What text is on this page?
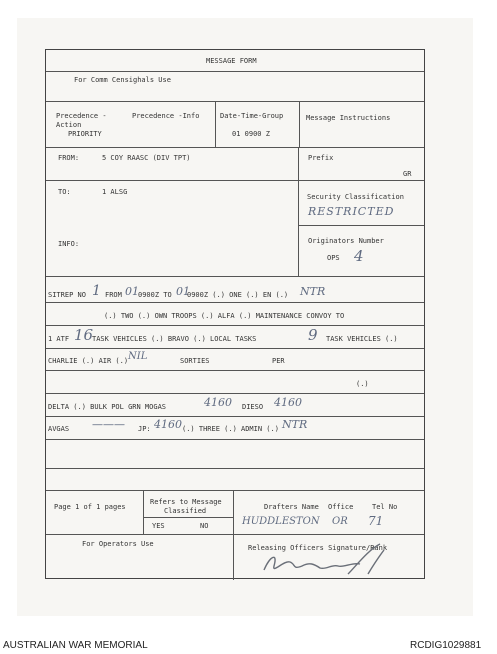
MESSAGE FORM
For Comm Censighals Use
Precedence -
Action
PRIORITY
Precedence -Info	Date-Time-Group
01 0900 Z
Message Instructions
FROM:	5 COY RAASC (DIV TPT)	Prefix
GR
TO:	1 ALSG
Security Classification
RESTRICTED
INFO:	Originators Number
OPS 4
SITREP NO 1 FROM 01 0900Z TO 01
0900Z (.) ONE (.) EN (.) NTR
(.) TWO (.) OWN TROOPS (.) ALFA (.) MAINTENANCE CONVOY TO
1 ATF 16
TASK VEHICLES (.) BRAVO (.) LOCAL TASKS	9 TASK VEHICLES (.)
CHARLIE (.) AIR (.) NIL	SORTIES	PER
(.)
DELTA (.) BULK POL GRN MOGAS	4160 DIESO 4160
AVGAS ——— JP: 4160 (.) THREE (.) ADMIN (.) NTR
Page 1 of 1 pages
Refers to Message
Classified
YES	NO
Drafters Name Office	Tel No
HUDDLESTON OR 71
For Operators Use	Releasing Officers Signature/Rank
AUSTRALIAN WAR MEMORIAL	RCDIG1029881
